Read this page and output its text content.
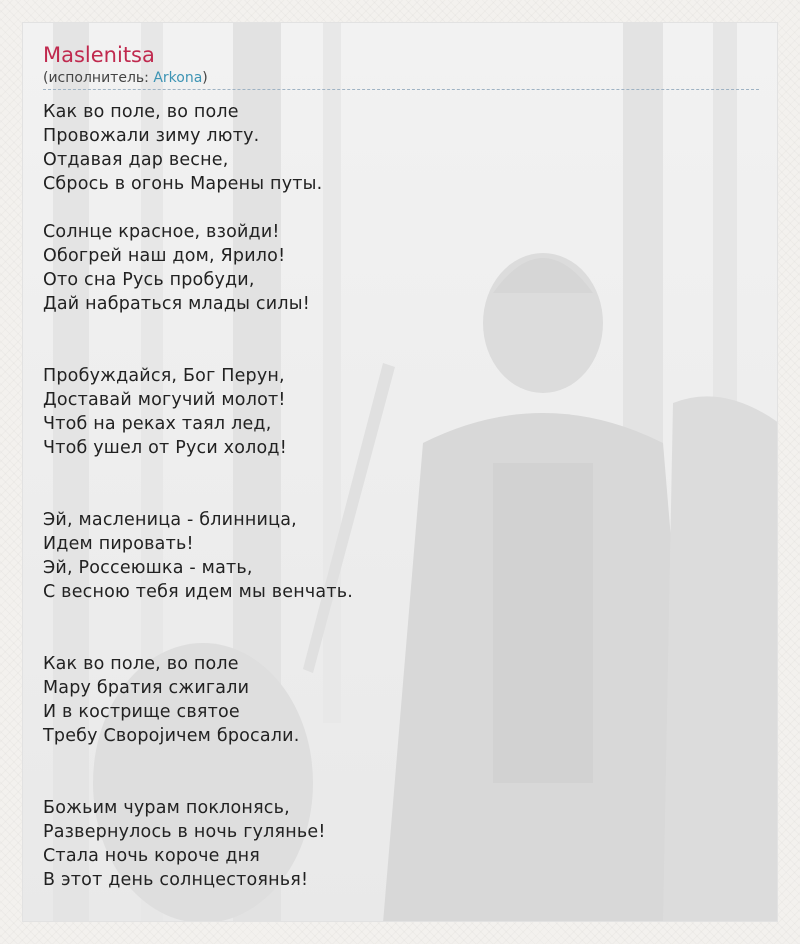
Maslenitsa
(исполнитель: Arkona)
Как во поле, во поле
Провожали зиму люту.
Отдавая дар весне,
Сбрось в огонь Марены путы.
Солнце красное, взойди!
Обогрей наш дом, Ярило!
Ото сна Русь пробуди,
Дай набраться млады силы!
Пробуждайся, Бог Перун,
Доставай могучий молот!
Чтоб на реках таял лед,
Чтоб ушел от Руси холод!
Эй, масленица - блинница,
Идем пировать!
Эй, Россеюшка - мать,
С весною тебя идем мы венчать.
Как во поле, во поле
Мару братия сжигали
И в кострище святое
Требу Своројичем бросали.
Божьим чурам поклонясь,
Развернулось в ночь гулянье!
Стала ночь короче дня
В этот день солнцестоянья!
